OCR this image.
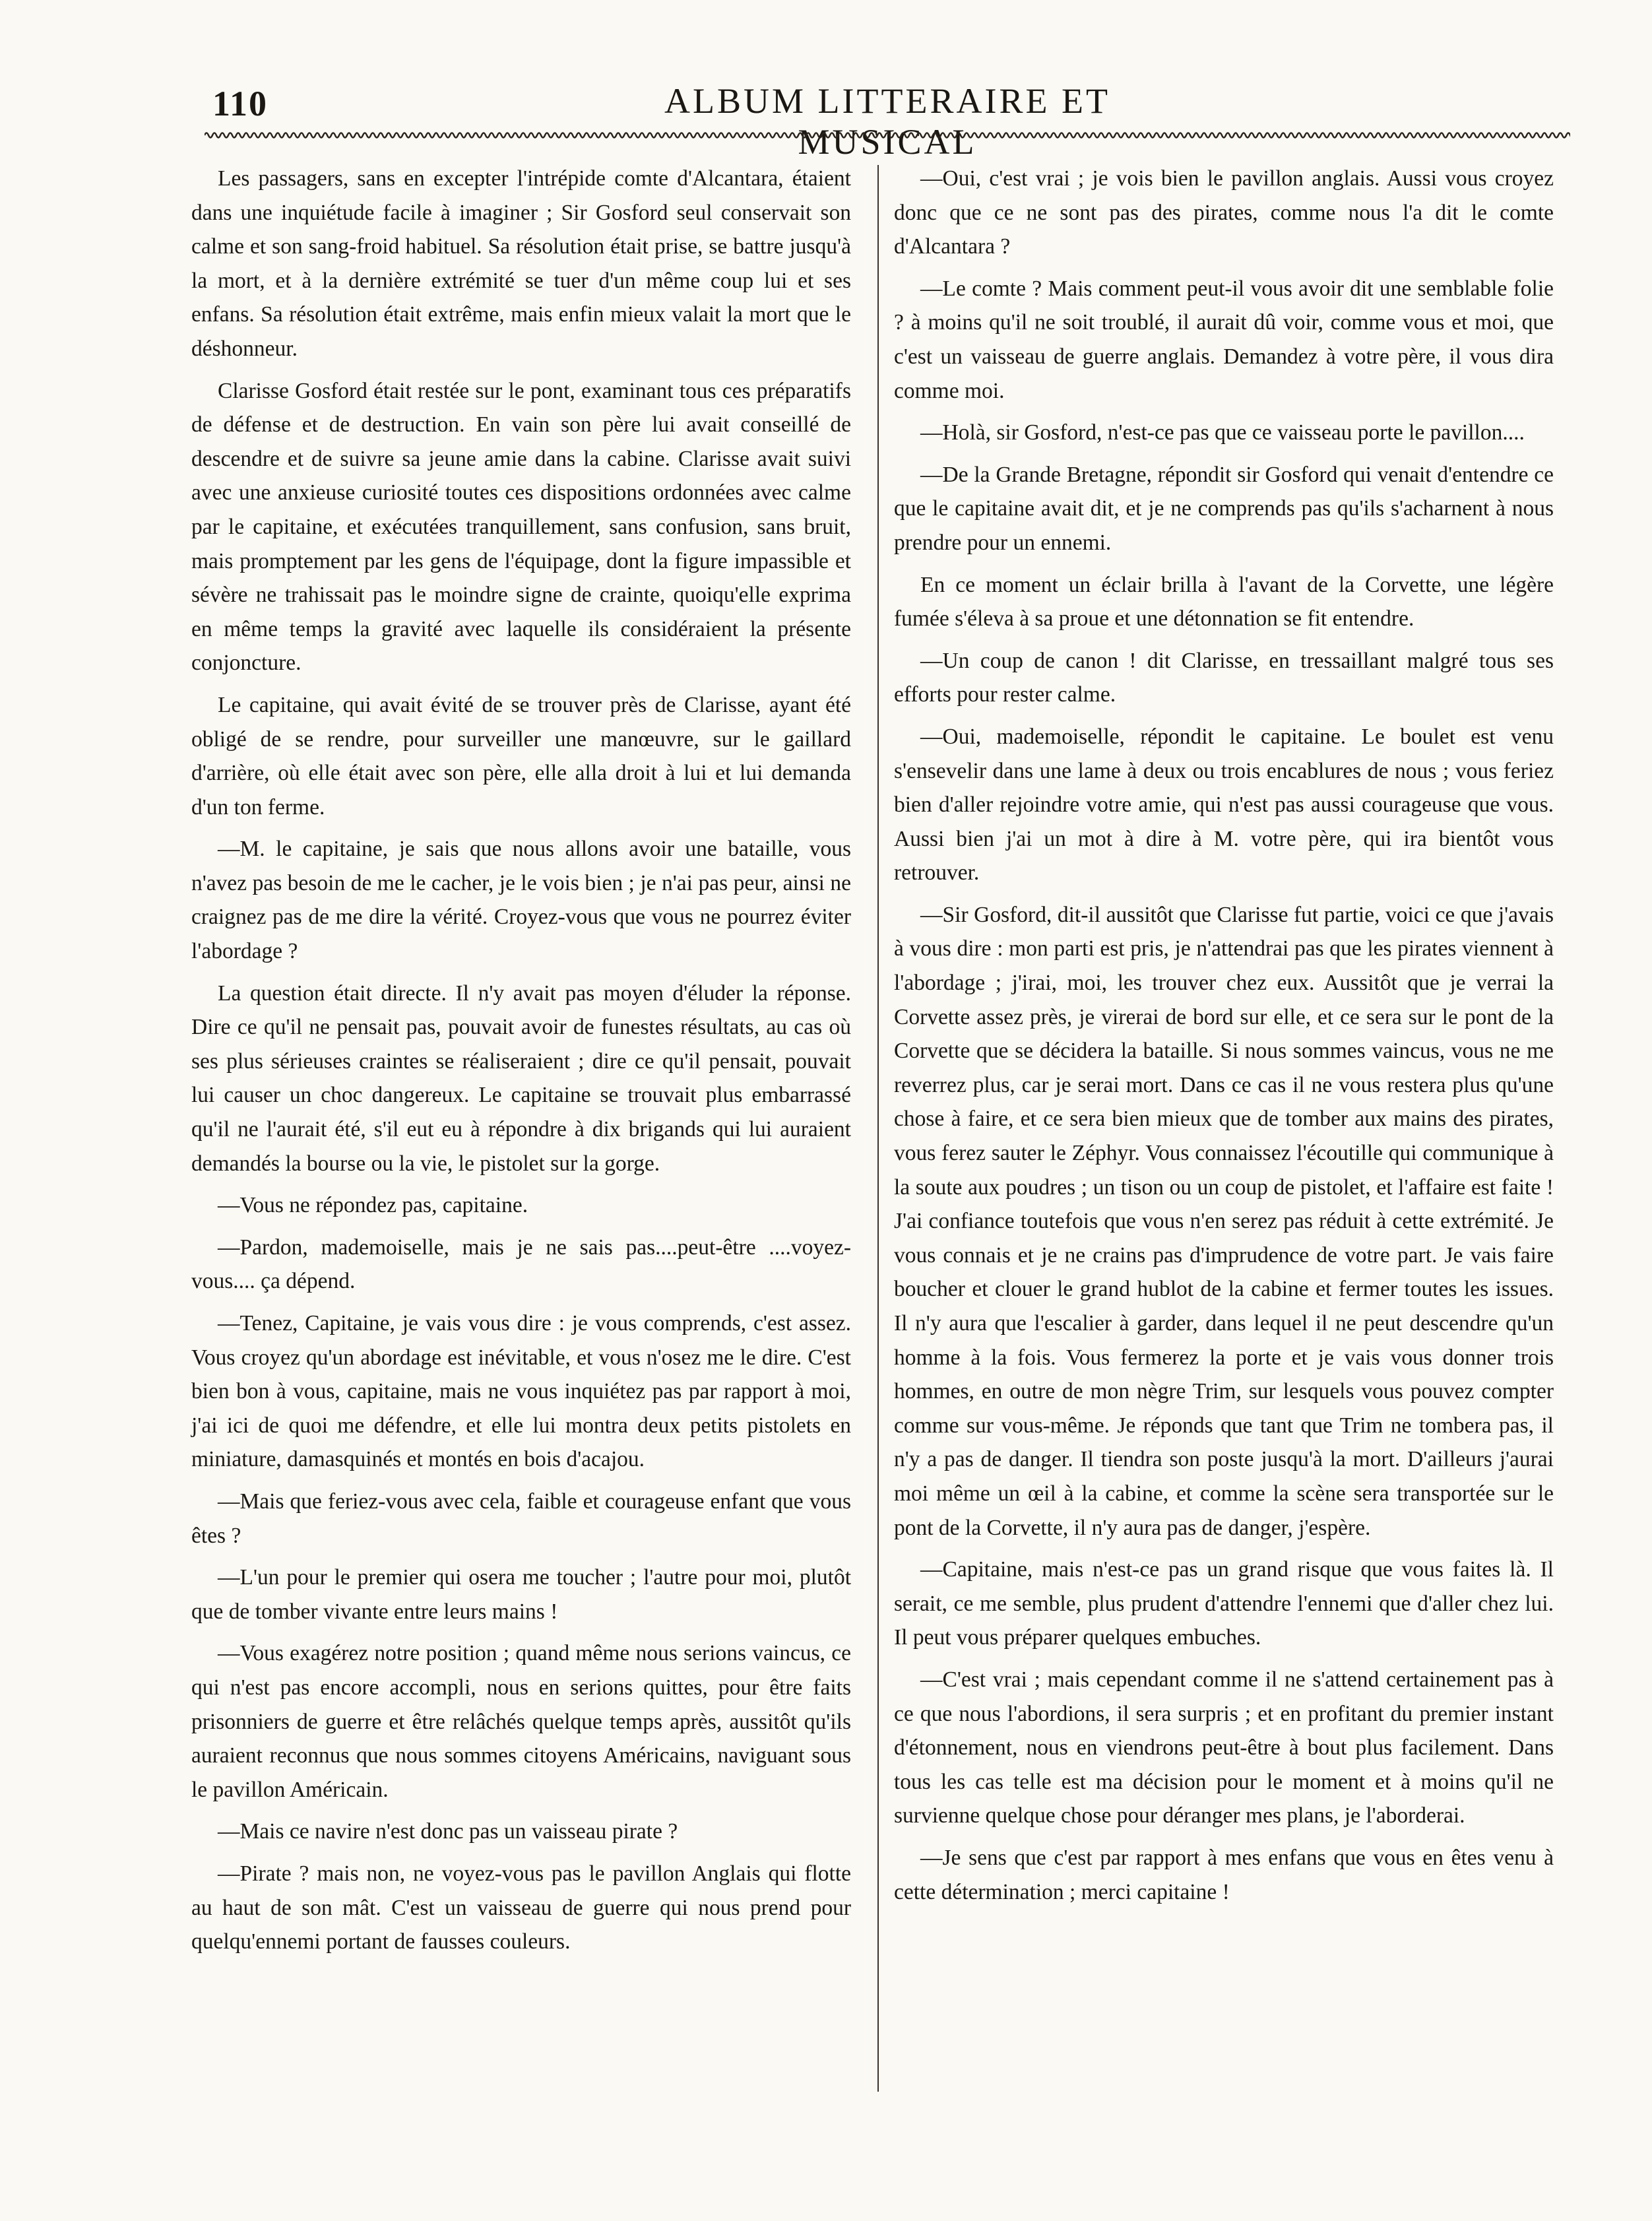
110	ALBUM LITTERAIRE ET MUSICAL

Les passagers, sans en excepter l'intrépide comte d'Alcantara, étaient dans une inquiétude facile à imaginer ; Sir Gosford seul conservait son calme et son sang-froid habituel. Sa résolution était prise, se battre jusqu'à la mort, et à la dernière extrémité se tuer d'un même coup lui et ses enfans. Sa résolution était extrême, mais enfin mieux valait la mort que le déshonneur.

Clarisse Gosford était restée sur le pont, examinant tous ces préparatifs de défense et de destruction. En vain son père lui avait conseillé de descendre et de suivre sa jeune amie dans la cabine. Clarisse avait suivi avec une anxieuse curiosité toutes ces dispositions ordonnées avec calme par le capitaine, et exécutées tranquillement, sans confusion, sans bruit, mais promptement par les gens de l'équipage, dont la figure impassible et sévère ne trahissait pas le moindre signe de crainte, quoiqu'elle exprima en même temps la gravité avec laquelle ils considéraient la présente conjoncture.

Le capitaine, qui avait évité de se trouver près de Clarisse, ayant été obligé de se rendre, pour surveiller une manœuvre, sur le gaillard d'arrière, où elle était avec son père, elle alla droit à lui et lui demanda d'un ton ferme.

—M. le capitaine, je sais que nous allons avoir une bataille, vous n'avez pas besoin de me le cacher, je le vois bien ; je n'ai pas peur, ainsi ne craignez pas de me dire la vérité. Croyez-vous que vous ne pourrez éviter l'abordage ?

La question était directe. Il n'y avait pas moyen d'éluder la réponse. Dire ce qu'il ne pensait pas, pouvait avoir de funestes résultats, au cas où ses plus sérieuses craintes se réaliseraient ; dire ce qu'il pensait, pouvait lui causer un choc dangereux. Le capitaine se trouvait plus embarrassé qu'il ne l'aurait été, s'il eut eu à répondre à dix brigands qui lui auraient demandés la bourse ou la vie, le pistolet sur la gorge.

—Vous ne répondez pas, capitaine.

—Pardon, mademoiselle, mais je ne sais pas....peut-être ....voyez-vous.... ça dépend.

—Tenez, Capitaine, je vais vous dire : je vous comprends, c'est assez. Vous croyez qu'un abordage est inévitable, et vous n'osez me le dire. C'est bien bon à vous, capitaine, mais ne vous inquiétez pas par rapport à moi, j'ai ici de quoi me défendre, et elle lui montra deux petits pistolets en miniature, damasquinés et montés en bois d'acajou.

—Mais que feriez-vous avec cela, faible et courageuse enfant que vous êtes ?

—L'un pour le premier qui osera me toucher ; l'autre pour moi, plutôt que de tomber vivante entre leurs mains !

—Vous exagérez notre position ; quand même nous serions vaincus, ce qui n'est pas encore accompli, nous en serions quittes, pour être faits prisonniers de guerre et être relâchés quelque temps après, aussitôt qu'ils auraient reconnus que nous sommes citoyens Américains, naviguant sous le pavillon Américain.

—Mais ce navire n'est donc pas un vaisseau pirate ?

—Pirate ? mais non, ne voyez-vous pas le pavillon Anglais qui flotte au haut de son mât. C'est un vaisseau de guerre qui nous prend pour quelqu'ennemi portant de fausses couleurs.

—Oui, c'est vrai ; je vois bien le pavillon anglais. Aussi vous croyez donc que ce ne sont pas des pirates, comme nous l'a dit le comte d'Alcantara ?

—Le comte ? Mais comment peut-il vous avoir dit une semblable folie ? à moins qu'il ne soit troublé, il aurait dû voir, comme vous et moi, que c'est un vaisseau de guerre anglais. Demandez à votre père, il vous dira comme moi.

—Holà, sir Gosford, n'est-ce pas que ce vaisseau porte le pavillon....

—De la Grande Bretagne, répondit sir Gosford qui venait d'entendre ce que le capitaine avait dit, et je ne comprends pas qu'ils s'acharnent à nous prendre pour un ennemi.

En ce moment un éclair brilla à l'avant de la Corvette, une légère fumée s'éleva à sa proue et une détonnation se fit entendre.

—Un coup de canon ! dit Clarisse, en tressaillant malgré tous ses efforts pour rester calme.

—Oui, mademoiselle, répondit le capitaine. Le boulet est venu s'ensevelir dans une lame à deux ou trois encablures de nous ; vous feriez bien d'aller rejoindre votre amie, qui n'est pas aussi courageuse que vous. Aussi bien j'ai un mot à dire à M. votre père, qui ira bientôt vous retrouver.

—Sir Gosford, dit-il aussitôt que Clarisse fut partie, voici ce que j'avais à vous dire : mon parti est pris, je n'attendrai pas que les pirates viennent à l'abordage ; j'irai, moi, les trouver chez eux. Aussitôt que je verrai la Corvette assez près, je virerai de bord sur elle, et ce sera sur le pont de la Corvette que se décidera la bataille. Si nous sommes vaincus, vous ne me reverrez plus, car je serai mort. Dans ce cas il ne vous restera plus qu'une chose à faire, et ce sera bien mieux que de tomber aux mains des pirates, vous ferez sauter le Zéphyr. Vous connaissez l'écoutille qui communique à la soute aux poudres ; un tison ou un coup de pistolet, et l'affaire est faite ! J'ai confiance toutefois que vous n'en serez pas réduit à cette extrémité. Je vous connais et je ne crains pas d'imprudence de votre part. Je vais faire boucher et clouer le grand hublot de la cabine et fermer toutes les issues. Il n'y aura que l'escalier à garder, dans lequel il ne peut descendre qu'un homme à la fois. Vous fermerez la porte et je vais vous donner trois hommes, en outre de mon nègre Trim, sur lesquels vous pouvez compter comme sur vous-même. Je réponds que tant que Trim ne tombera pas, il n'y a pas de danger. Il tiendra son poste jusqu'à la mort. D'ailleurs j'aurai moi même un œil à la cabine, et comme la scène sera transportée sur le pont de la Corvette, il n'y aura pas de danger, j'espère.

—Capitaine, mais n'est-ce pas un grand risque que vous faites là. Il serait, ce me semble, plus prudent d'attendre l'ennemi que d'aller chez lui. Il peut vous préparer quelques embuches.

—C'est vrai ; mais cependant comme il ne s'attend certainement pas à ce que nous l'abordions, il sera surpris ; et en profitant du premier instant d'étonnement, nous en viendrons peut-être à bout plus facilement. Dans tous les cas telle est ma décision pour le moment et à moins qu'il ne survienne quelque chose pour déranger mes plans, je l'aborderai.

—Je sens que c'est par rapport à mes enfans que vous en êtes venu à cette détermination ; merci capitaine !
